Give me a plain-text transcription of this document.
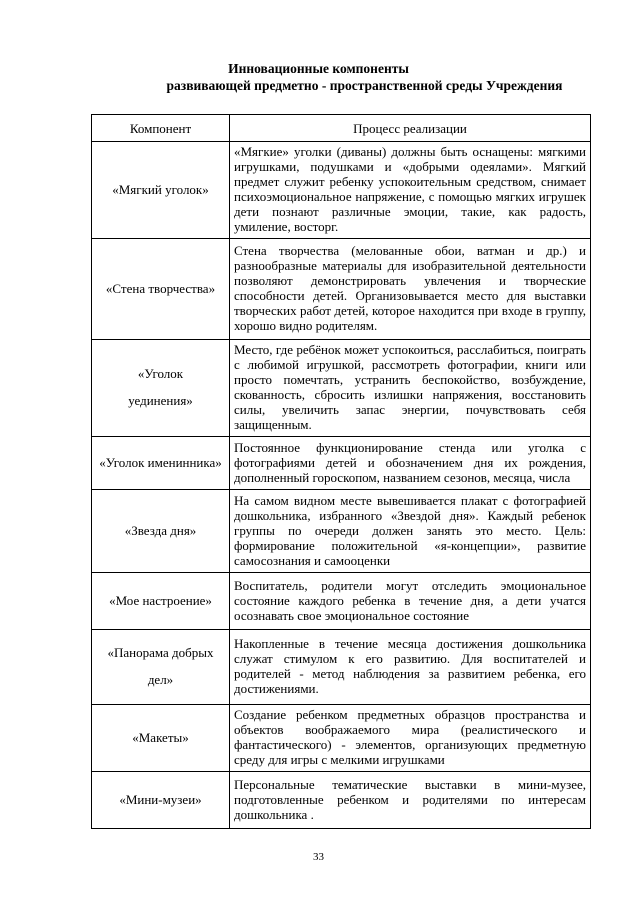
Инновационные компоненты
развивающей предметно - пространственной среды Учреждения
Компонент	Процесс реализации

«Мягкий уголок»	«Мягкие» уголки (диваны) должны быть оснащены: мягкими игрушками, подушками и «добрыми одеялами». Мягкий предмет служит ребенку успокоительным средством, снимает психоэмоциональное напряжение, с помощью мягких игрушек дети познают различные эмоции, такие, как радость, умиление, восторг.

«Стена творчества»	Стена творчества (мелованные обои, ватман и др.) и разнообразные материалы для изобразительной деятельности позволяют демонстрировать увлечения и творческие способности детей. Организовывается место для выставки творческих работ детей, которое находится при входе в группу, хорошо видно родителям.

«Уголок
уединения»	Место, где ребёнок может успокоиться, расслабиться, поиграть с любимой игрушкой, рассмотреть фотографии, книги или просто помечтать, устранить беспокойство, возбуждение, скованность, сбросить излишки напряжения, восстановить силы, увеличить запас энергии, почувствовать себя защищенным.

«Уголок именинника»	Постоянное функционирование стенда или уголка с фотографиями детей и обозначением дня их рождения, дополненный гороскопом, названием сезонов, месяца, числа

«Звезда дня»	На самом видном месте вывешивается плакат с фотографией дошкольника, избранного «Звездой дня». Каждый ребенок группы по очереди должен занять это место. Цель: формирование положительной «я-концепции», развитие самосознания и самооценки

«Мое настроение»	Воспитатель, родители могут отследить эмоциональное состояние каждого ребенка в течение дня, а дети учатся осознавать свое эмоциональное состояние

«Панорама добрых
дел»	Накопленные в течение месяца достижения дошкольника служат стимулом к его развитию. Для воспитателей и родителей - метод наблюдения за развитием ребенка, его достижениями.

«Макеты»	Создание ребенком предметных образцов пространства и объектов воображаемого мира (реалистического и фантастического) - элементов, организующих предметную среду для игры с мелкими игрушками

«Мини-музеи»	Персональные тематические выставки в мини-музее, подготовленные ребенком и родителями по интересам дошкольника .
33
